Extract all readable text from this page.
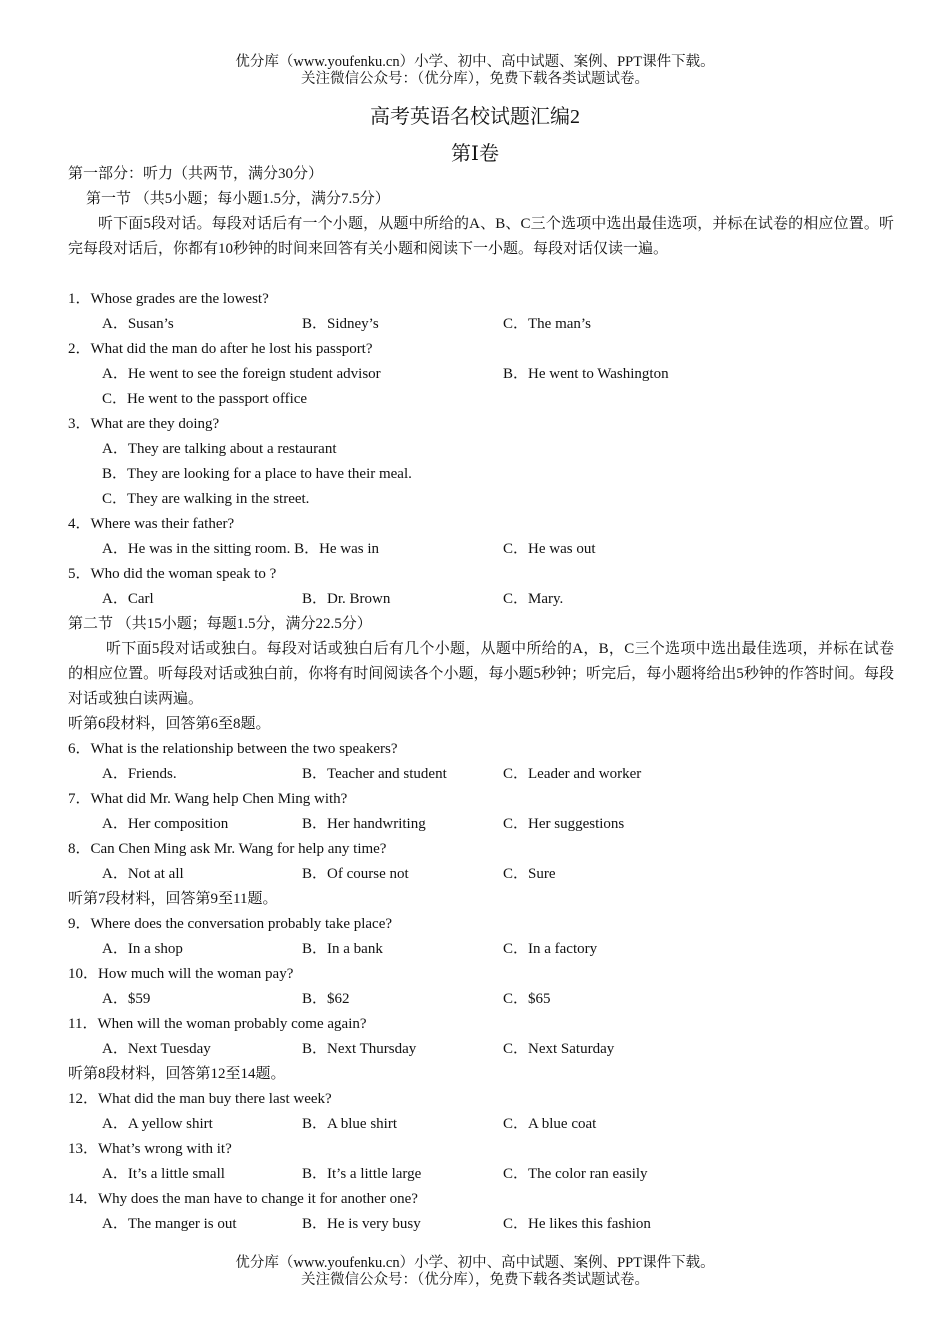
优分库（www.youfenku.cn）小学、初中、高中试题、案例、PPT课件下载。
关注微信公众号：（优分库），免费下载各类试题试卷。
高考英语名校试题汇编2
第Ⅰ卷
第一部分：听力（共两节，满分30分）
第一节 （共5小题；每小题1.5分，满分7.5分）
听下面5段对话。每段对话后有一个小题，从题中所给的A、B、C三个选项中选出最佳选项，并标在试卷的相应位置。听完每段对话后，你都有10秒钟的时间来回答有关小题和阅读下一小题。每段对话仅读一遍。
1．Whose grades are the lowest?
A．Susan’s	B．Sidney’s	C．The man’s
2．What did the man do after he lost his passport?
A．He went to see the foreign student advisor	B．He went to Washington
C．He went to the passport office
3．What are they doing?
A．They are talking about a restaurant
B．They are looking for a place to have their meal.
C．They are walking in the street.
4．Where was their father?
A．He was in the sitting room. B．He was in	C．He was out
5．Who did the woman speak to ?
A．Carl	B．Dr. Brown	C．Mary.
第二节 （共15小题；每题1.5分，满分22.5分）
听下面5段对话或独白。每段对话或独白后有几个小题，从题中所给的A，B，C三个选项中选出最佳选项，并标在试卷的相应位置。听每段对话或独白前，你将有时间阅读各个小题，每小题5秒钟；听完后，每小题将给出5秒钟的作答时间。每段对话或独白读两遍。
听第6段材料，回答第6至8题。
6．What is the relationship between the two speakers?
A．Friends.	B．Teacher and student	C．Leader and worker
7．What did Mr. Wang help Chen Ming with?
A．Her composition	B．Her handwriting	C．Her suggestions
8．Can Chen Ming ask Mr. Wang for help any time?
A．Not at all	B．Of course not	C．Sure
听第7段材料，回答第9至11题。
9．Where does the conversation probably take place?
A．In a shop	B．In a bank	C．In a factory
10．How much will the woman pay?
A．$59	B．$62	C．$65
11．When will the woman probably come again?
A．Next Tuesday	B．Next Thursday	C．Next Saturday
听第8段材料，回答第12至14题。
12．What did the man buy there last week?
A．A yellow shirt	B．A blue shirt	C．A blue coat
13．What’s wrong with it?
A．It’s a little small	B．It’s a little large	C．The color ran easily
14．Why does the man have to change it for another one?
A．The manger is out	B．He is very busy	C．He likes this fashion
优分库（www.youfenku.cn）小学、初中、高中试题、案例、PPT课件下载。
关注微信公众号：（优分库），免费下载各类试题试卷。
